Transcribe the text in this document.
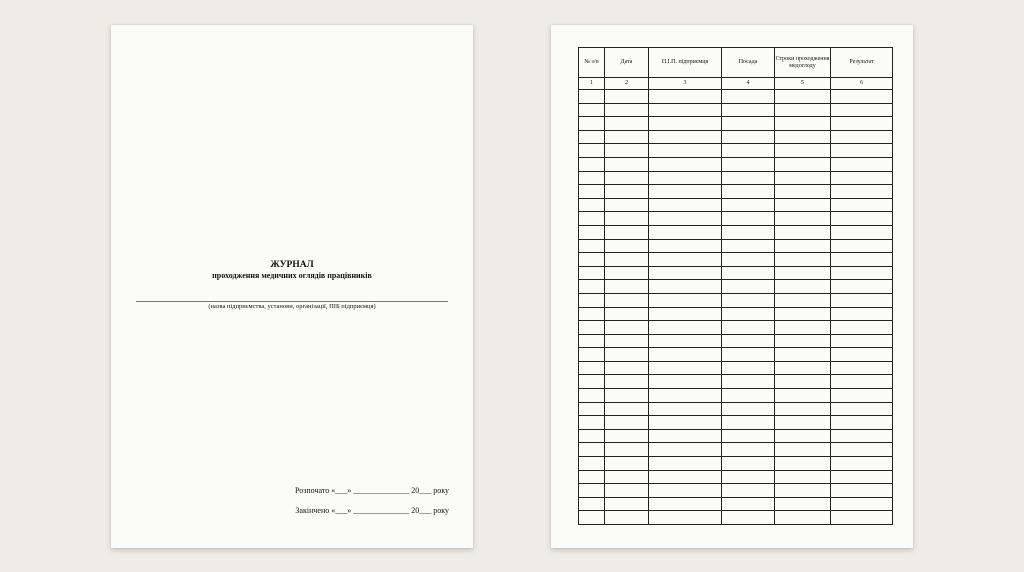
ЖУРНАЛ
проходження медичних оглядів працівників
(назва підприємства, установи, організації, ПІБ підприємця)
Розпочато «___» ______________ 20___ року
Закінчено «___» ______________ 20___ року
№ з/п	Дата	П.І.П. підприємця	Посада	Строки проходження медоглоду	Результат
1	2	3	4	5	6
